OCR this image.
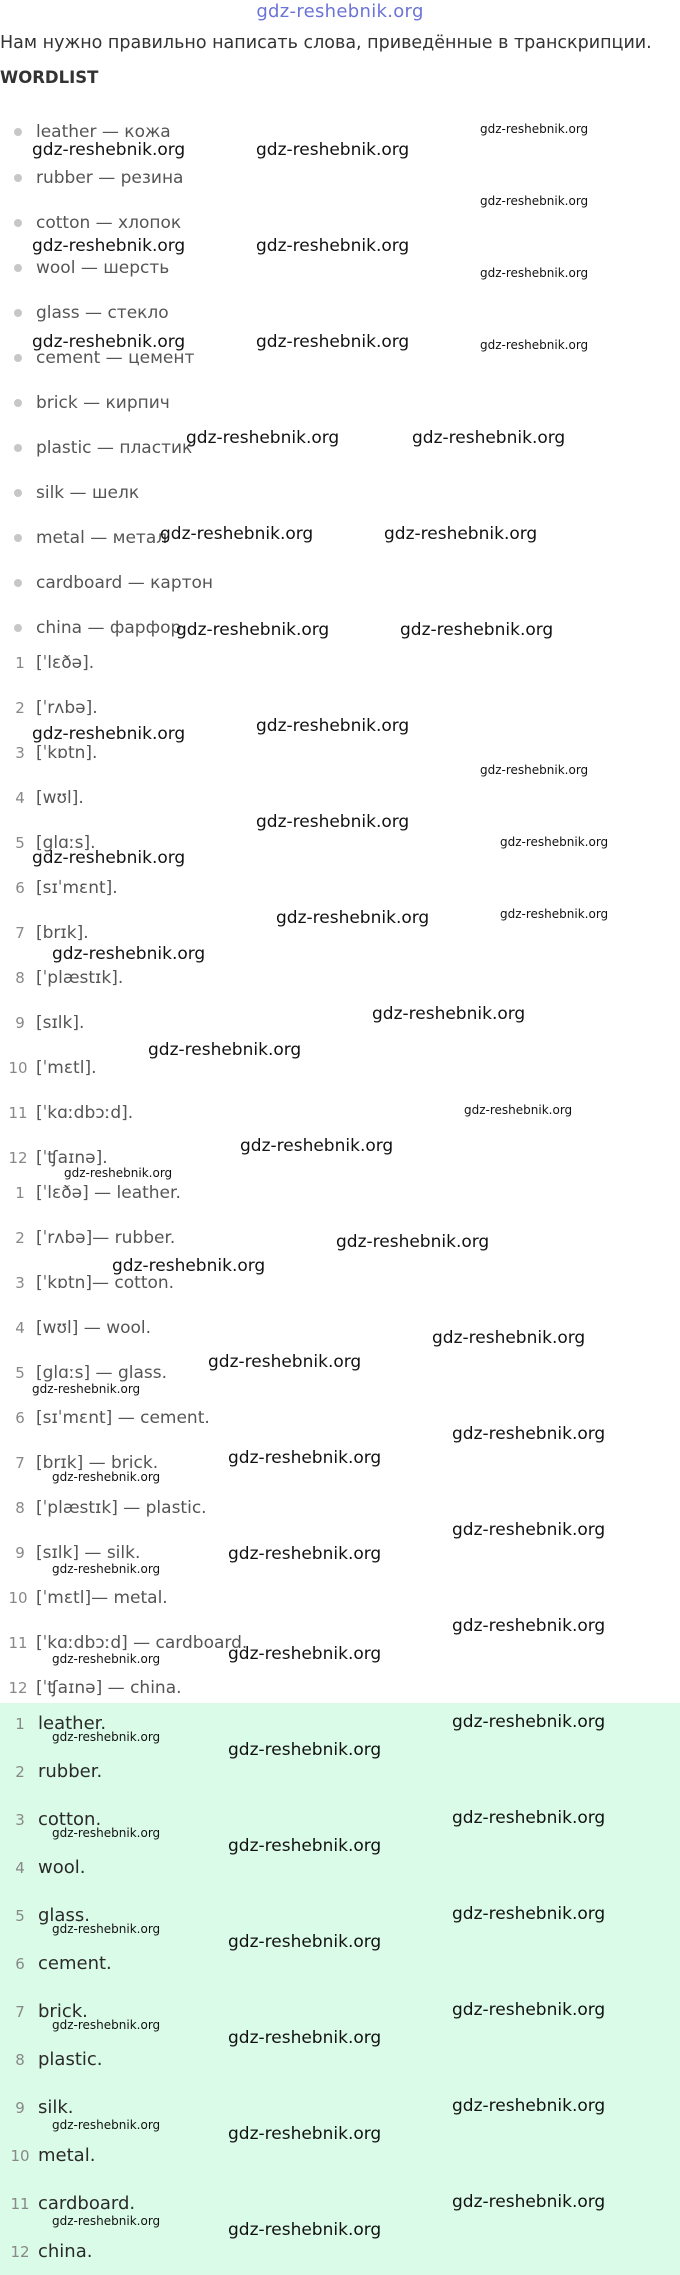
gdz-reshebnik.org
Нам нужно правильно написать слова, приведённые в транскрипции.
WORDLIST
leather — кожа
rubber — резина
cotton — хлопок
wool — шерсть
glass — стекло
cement — цемент
brick — кирпич
plastic — пластик
silk — шелк
metal — метал
cardboard — картон
china — фарфор
1 [ˈlɛðə].
2 [ˈrʌbə].
3 [ˈkɒtn].
4 [wʊl].
5 [glɑːs].
6 [sɪˈmɛnt].
7 [brɪk].
8 [ˈplæstɪk].
9 [sɪlk].
10 [ˈmɛtl].
11 [ˈkɑːdbɔːd].
12 [ˈʧaɪnə].
1 [ˈlɛðə] — leather.
2 [ˈrʌbə]— rubber.
3 [ˈkɒtn]— cotton.
4 [wʊl] — wool.
5 [glɑːs] — glass.
6 [sɪˈmɛnt] — cement.
7 [brɪk] — brick.
8 [ˈplæstɪk] — plastic.
9 [sɪlk] — silk.
10 [ˈmɛtl]— metal.
11 [ˈkɑːdbɔːd] — cardboard.
12 [ˈʧaɪnə] — china.
1 leather.
2 rubber.
3 cotton.
4 wool.
5 glass.
6 cement.
7 brick.
8 plastic.
9 silk.
10 metal.
11 cardboard.
12 china.
gdz-reshebnik.org
gdz-reshebnik.org	gdz-reshebnik.org
gdz-reshebnik.org
gdz-reshebnik.org	gdz-reshebnik.org
gdz-reshebnik.org
gdz-reshebnik.org	gdz-reshebnik.org	gdz-reshebnik.org
gdz-reshebnik.org	gdz-reshebnik.org
gdz-reshebnik.org	gdz-reshebnik.org
gdz-reshebnik.org	gdz-reshebnik.org
gdz-reshebnik.org
gdz-reshebnik.org
gdz-reshebnik.org
gdz-reshebnik.org
gdz-reshebnik.org
gdz-reshebnik.org
gdz-reshebnik.org
gdz-reshebnik.org
gdz-reshebnik.org
gdz-reshebnik.org
gdz-reshebnik.org
gdz-reshebnik.org
gdz-reshebnik.org
gdz-reshebnik.org
gdz-reshebnik.org
gdz-reshebnik.org
gdz-reshebnik.org
gdz-reshebnik.org
gdz-reshebnik.org
gdz-reshebnik.org
gdz-reshebnik.org
gdz-reshebnik.org
gdz-reshebnik.org
gdz-reshebnik.org
gdz-reshebnik.org
gdz-reshebnik.org
gdz-reshebnik.org
gdz-reshebnik.org
gdz-reshebnik.org
gdz-reshebnik.org
gdz-reshebnik.org
gdz-reshebnik.org
gdz-reshebnik.org
gdz-reshebnik.org
gdz-reshebnik.org
gdz-reshebnik.org
gdz-reshebnik.org
gdz-reshebnik.org
gdz-reshebnik.org
gdz-reshebnik.org
gdz-reshebnik.org
gdz-reshebnik.org	gdz-reshebnik.org
gdz-reshebnik.org
gdz-reshebnik.org	gdz-reshebnik.org
